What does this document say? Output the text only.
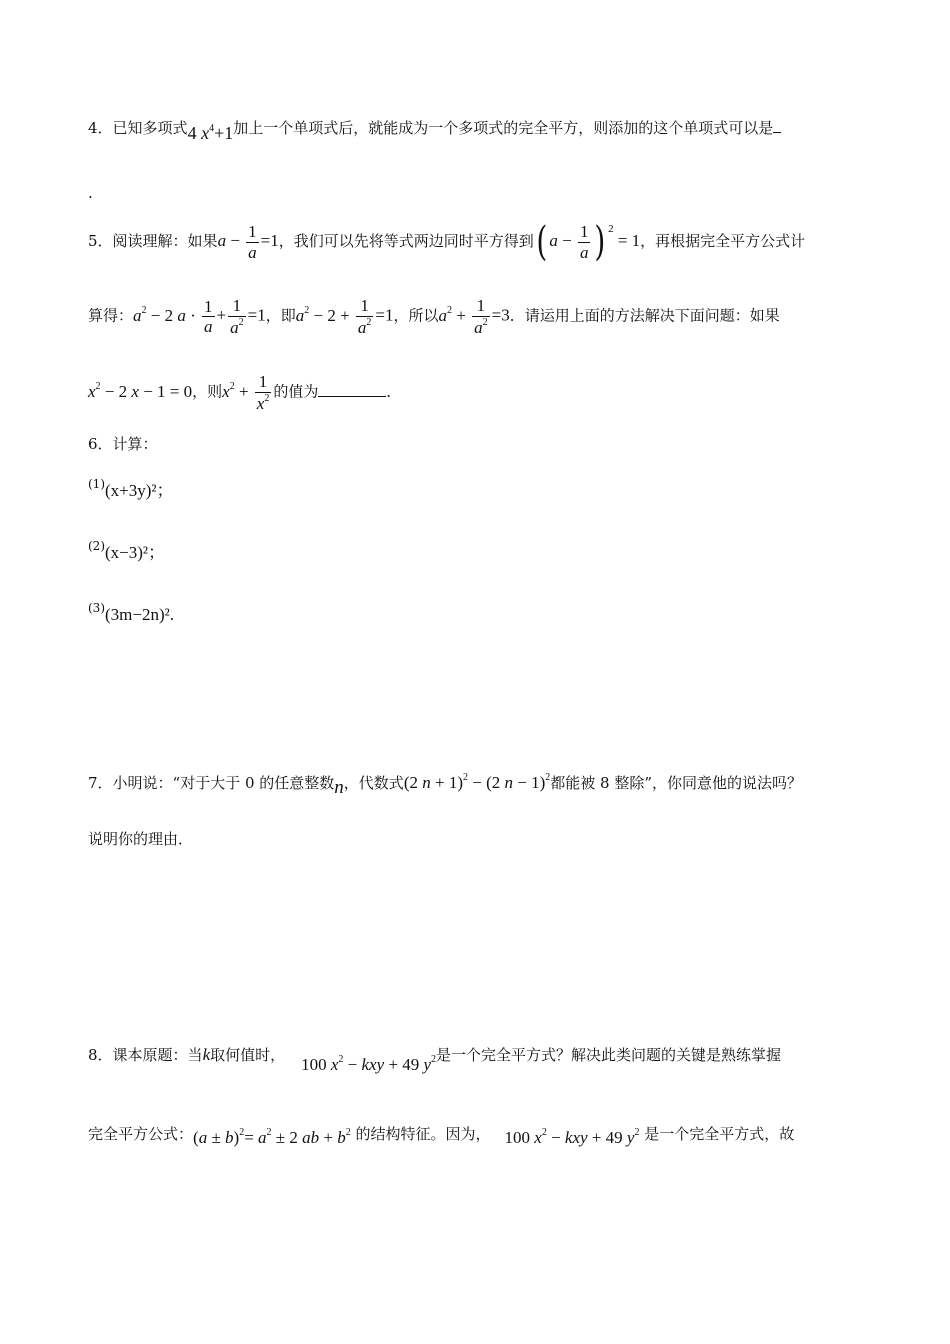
4．已知多项式4 $x^4+1$加上一个单项式后，就能成为一个多项式的完全平方，则添加的这个单项式可以是
.
5．阅读理解：如果$a - \frac{1}{a} =1$，我们可以先将等式两边同时平方得到( $a - \frac{1}{a}$ ) $^2$ = 1，再根据完全平方公式计
算得：$a^2 - 2$ $a \cdot \frac{1}{a} + \frac{1}{a^2} =1$，即$a^2 - 2 + \frac{1}{a^2} =1$，所以$a^2 + \frac{1}{a^2} =3$．请运用上面的方法解决下面问题：如果
$x^2 - 2$ x − 1 = 0，则$x^2 + \frac{1}{x^2}$ 的值为	．
6．计算：
$^{(1)}$(x+3y)²；
$^{(2)}$(x−3)²；
$^{(3)}$(3m−2n)².
7．小明说：“对于大于 0 的任意整数n，代数式(2 n + 1)$^2$ − (2 n − 1)$^2$都能被 8 整除”，你同意他的说法吗？
说明你的理由．
8．课本原题：当k取何值时， 100 $x^2$ − kxy + 49 $y^2$是一个完全平方式？解决此类问题的关键是熟练掌握
完全平方公式：$(a \pm b)^2= a^2 \pm 2$ ab + $b^2$ 的结构特征。因为， 100 $x^2$ − kxy + 49 $y^2$ 是一个完全平方式，故
